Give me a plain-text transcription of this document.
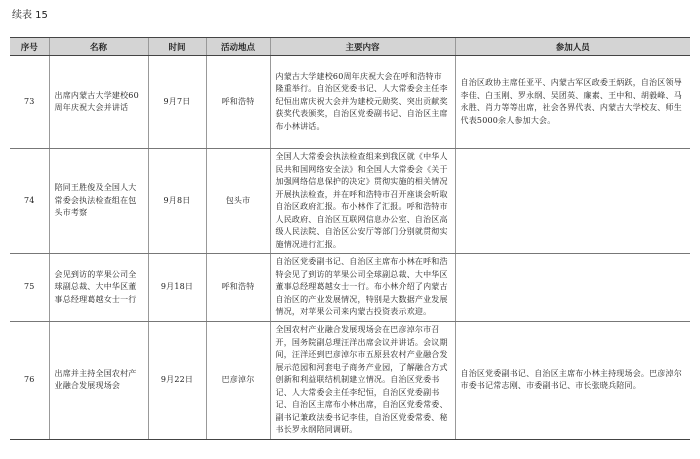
续表 15
序号	名称	时间	活动地点	主要内容	参加人员
73	出席内蒙古大学建校60周年庆祝大会并讲话	9月7日	呼和浩特	内蒙古大学建校60周年庆祝大会在呼和浩特市隆重举行。自治区党委书记、人大常委会主任李纪恒出席庆祝大会并为建校元勋奖、突出贡献奖获奖代表颁奖，自治区党委副书记、自治区主席布小林讲话。	自治区政协主席任亚平、内蒙古军区政委王炳跃，自治区领导李佳、白玉刚、罗永纲、吴团英、廉素、王中和、胡毅峰、马永胜、肖力等等出席，社会各界代表、内蒙古大学校友、师生代表5000余人参加大会。
74	陪同王胜俊及全国人大常委会执法检查组在包头市考察	9月8日	包头市	全国人大常委会执法检查组来到我区就《中华人民共和国网络安全法》和全国人大常委会《关于加强网络信息保护的决定》贯彻实施的相关情况开展执法检查，并在呼和浩特市召开座谈会听取自治区政府汇报。布小林作了汇报。呼和浩特市人民政府、自治区互联网信息办公室、自治区高级人民法院、自治区公安厅等部门分别就贯彻实施情况进行汇报。	
75	会见到访的苹果公司全球副总裁、大中华区董事总经理葛越女士一行	9月18日	呼和浩特	自治区党委副书记、自治区主席布小林在呼和浩特会见了到访的苹果公司全球副总裁、大中华区董事总经理葛越女士一行。布小林介绍了内蒙古自治区的产业发展情况，特别是大数据产业发展情况，对苹果公司来内蒙古投资表示欢迎。	
76	出席并主持全国农村产业融合发展现场会	9月22日	巴彦淖尔	全国农村产业融合发展现场会在巴彦淖尔市召开，国务院副总理汪洋出席会议并讲话。会议期间，汪洋还到巴彦淖尔市五原县农村产业融合发展示范园和河套电子商务产业园，了解融合方式创新和利益联结机制建立情况。自治区党委书记、人大常委会主任李纪恒，自治区党委副书记、自治区主席布小林出席，自治区党委常委、副书记兼政法委书记李佳，自治区党委常委、秘书长罗永纲陪同调研。	自治区党委副书记、自治区主席布小林主持现场会。巴彦淖尔市委书记常志刚、市委副书记、市长张晓兵陪同。
